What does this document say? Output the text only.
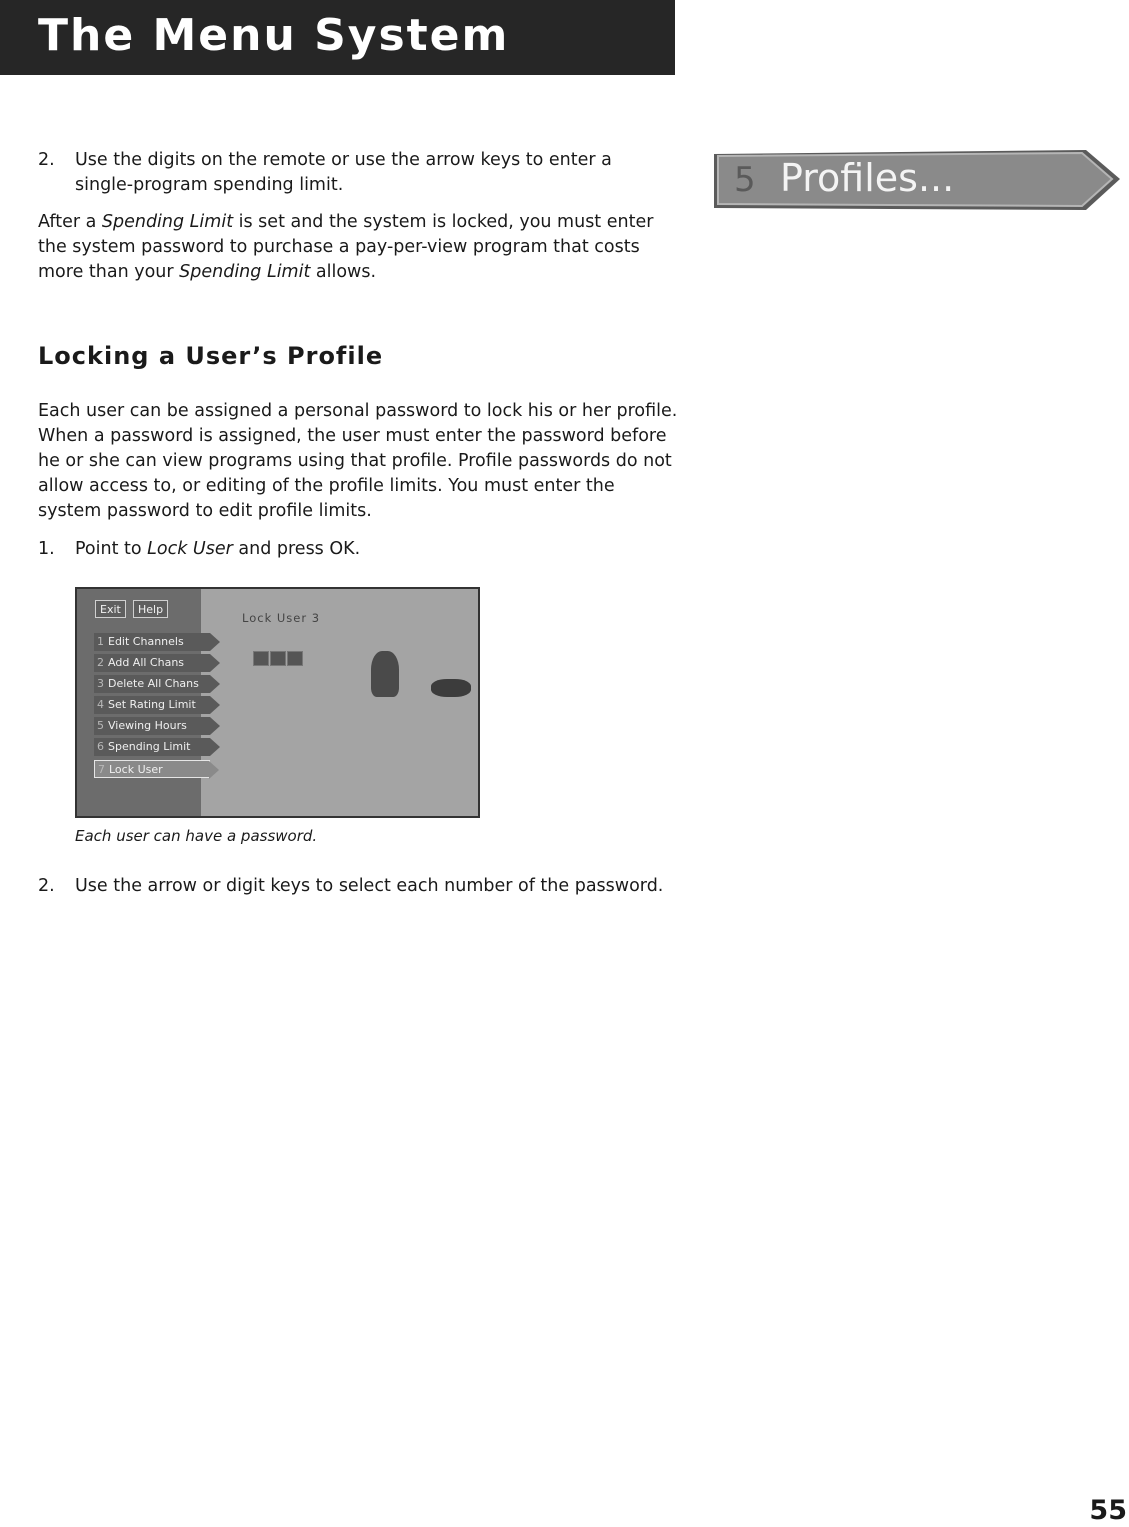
The Menu System
2. Use the digits on the remote or use the arrow keys to enter a single-program spending limit.

After a Spending Limit is set and the system is locked, you must enter the system password to purchase a pay-per-view program that costs more than your Spending Limit allows.

Locking a User’s Profile

Each user can be assigned a personal password to lock his or her profile. When a password is assigned, the user must enter the password before he or she can view programs using that profile. Profile passwords do not allow access to, or editing of the profile limits. You must enter the system password to edit profile limits.

1. Point to Lock User and press OK.
Exit	Help
Lock User 3
1 Edit Channels
2 Add All Chans
3 Delete All Chans
4 Set Rating Limit
5 Viewing Hours
6 Spending Limit
7 Lock User
Each user can have a password.
2. Use the arrow or digit keys to select each number of the password.
5 Profiles...
55
